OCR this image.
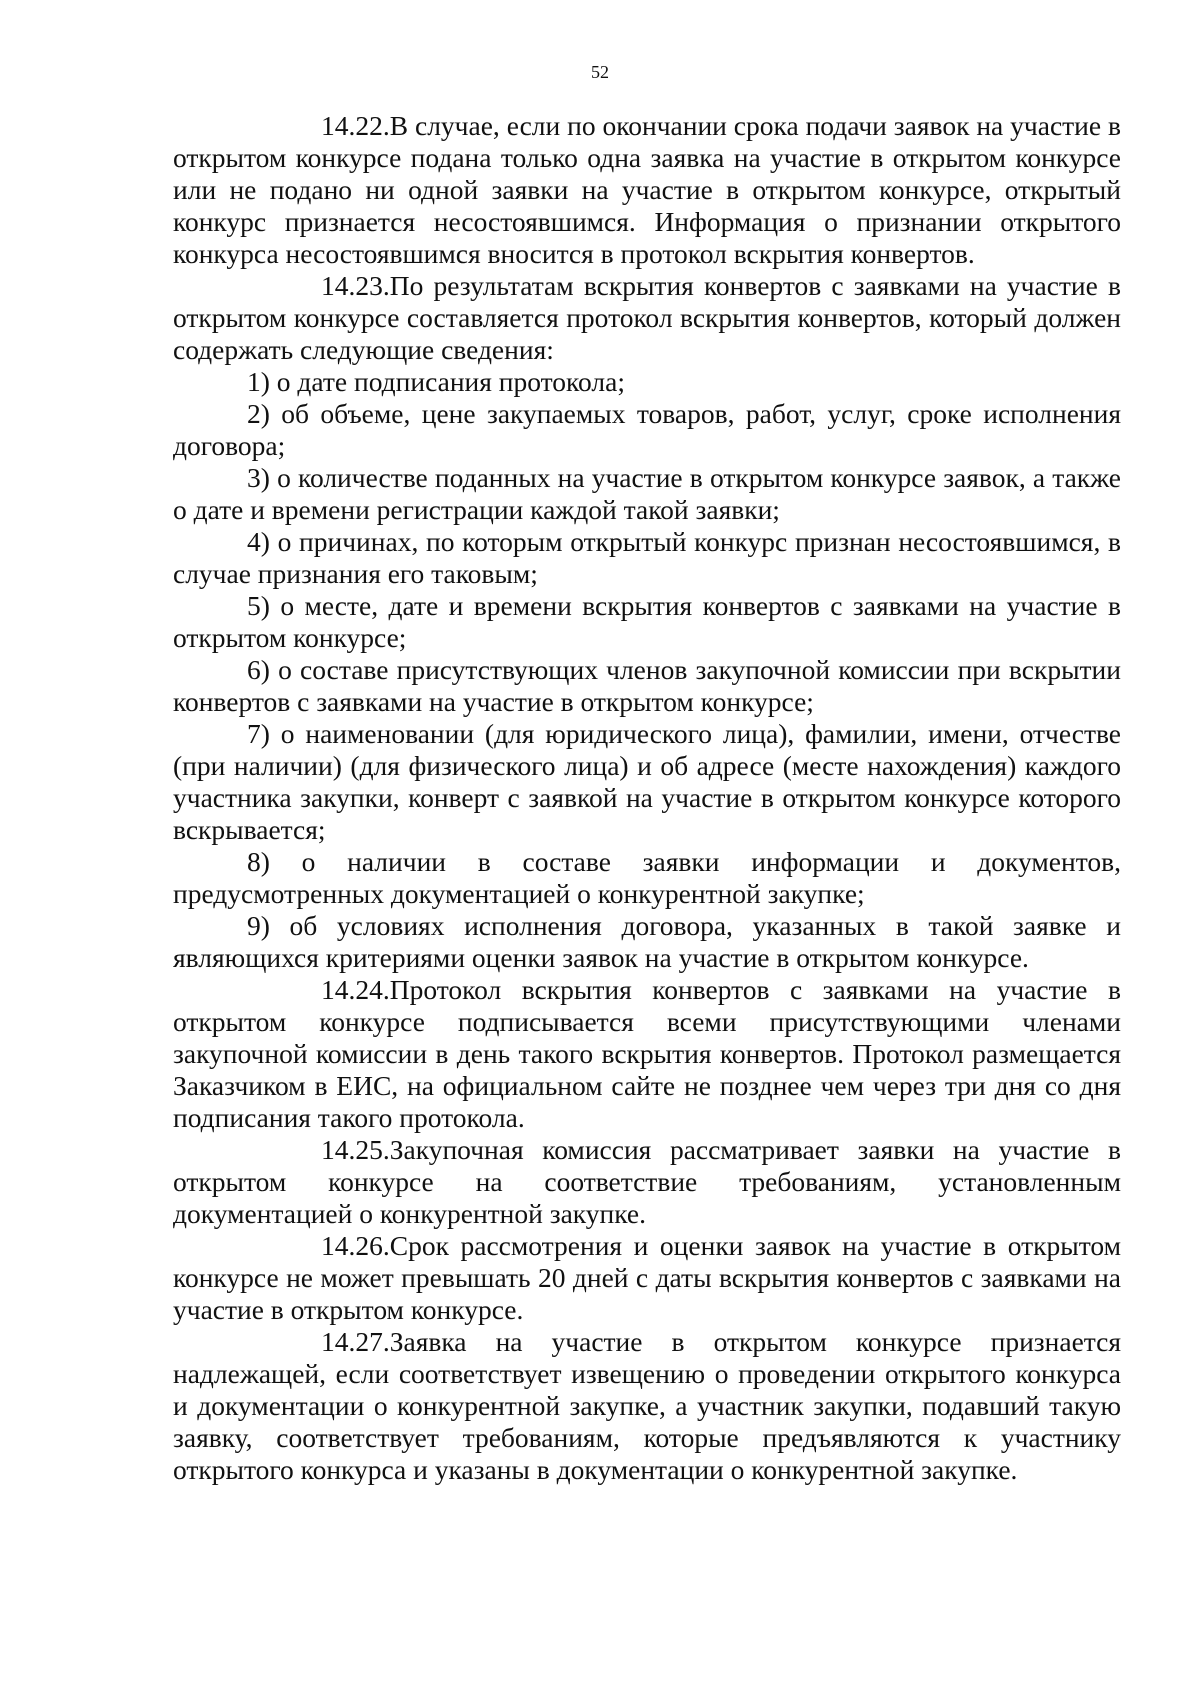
52

14.22.В случае, если по окончании срока подачи заявок на участие в открытом конкурсе подана только одна заявка на участие в открытом конкурсе или не подано ни одной заявки на участие в открытом конкурсе, открытый конкурс признается несостоявшимся. Информация о признании открытого конкурса несостоявшимся вносится в протокол вскрытия конвертов.

14.23.По результатам вскрытия конвертов с заявками на участие в открытом конкурсе составляется протокол вскрытия конвертов, который должен содержать следующие сведения:

1) о дате подписания протокола;

2) об объеме, цене закупаемых товаров, работ, услуг, сроке исполнения договора;

3) о количестве поданных на участие в открытом конкурсе заявок, а также о дате и времени регистрации каждой такой заявки;

4) о причинах, по которым открытый конкурс признан несостоявшимся, в случае признания его таковым;

5) о месте, дате и времени вскрытия конвертов с заявками на участие в открытом конкурсе;

6) о составе присутствующих членов закупочной комиссии при вскрытии конвертов с заявками на участие в открытом конкурсе;

7) о наименовании (для юридического лица), фамилии, имени, отчестве (при наличии) (для физического лица) и об адресе (месте нахождения) каждого участника закупки, конверт с заявкой на участие в открытом конкурсе которого вскрывается;

8) о наличии в составе заявки информации и документов, предусмотренных документацией о конкурентной закупке;

9) об условиях исполнения договора, указанных в такой заявке и являющихся критериями оценки заявок на участие в открытом конкурсе.

14.24.Протокол вскрытия конвертов с заявками на участие в открытом конкурсе подписывается всеми присутствующими членами закупочной комиссии в день такого вскрытия конвертов. Протокол размещается Заказчиком в ЕИС, на официальном сайте не позднее чем через три дня со дня подписания такого протокола.

14.25.Закупочная комиссия рассматривает заявки на участие в открытом конкурсе на соответствие требованиям, установленным документацией о конкурентной закупке.

14.26.Срок рассмотрения и оценки заявок на участие в открытом конкурсе не может превышать 20 дней с даты вскрытия конвертов с заявками на участие в открытом конкурсе.

14.27.Заявка на участие в открытом конкурсе признается надлежащей, если соответствует извещению о проведении открытого конкурса и документации о конкурентной закупке, а участник закупки, подавший такую заявку, соответствует требованиям, которые предъявляются к участнику открытого конкурса и указаны в документации о конкурентной закупке.
